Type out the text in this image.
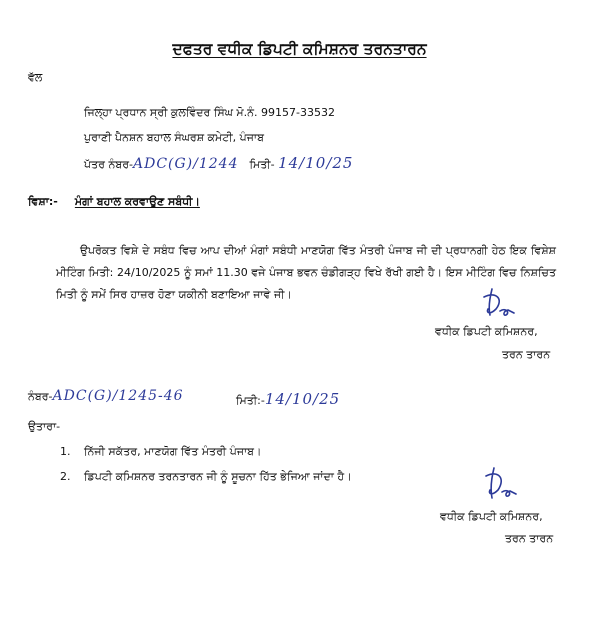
ਦਫਤਰ ਵਧੀਕ ਡਿਪਟੀ ਕਮਿਸ਼ਨਰ ਤਰਨਤਾਰਨ
ਵੱਲ
ਜਿਲ੍ਹਾ ਪ੍ਰਧਾਨ ਸ੍ਰੀ ਕੁਲਵਿੰਦਰ ਸਿੰਘ ਮੋ.ਨੰ. 99157-33532
ਪੁਰਾਣੀ ਪੈਨਸ਼ਨ ਬਹਾਲ ਸੰਘਰਸ਼ ਕਮੇਟੀ, ਪੰਜਾਬ
ਪੱਤਰ ਨੰਬਰ-ADC(G)/1244 ਮਿਤੀ- 14/10/25
ਵਿਸ਼ਾ:- ਮੰਗਾਂ ਬਹਾਲ ਕਰਵਾਉਣ ਸਬੰਧੀ।
ਉਪਰੋਕਤ ਵਿਸ਼ੇ ਦੇ ਸਬੰਧ ਵਿਚ ਆਪ ਦੀਆਂ ਮੰਗਾਂ ਸਬੰਧੀ ਮਾਣਯੋਗ ਵਿੱਤ ਮੰਤਰੀ ਪੰਜਾਬ ਜੀ ਦੀ ਪ੍ਰਧਾਨਗੀ ਹੇਠ ਇਕ ਵਿਸ਼ੇਸ਼ ਮੀਟਿੰਗ ਮਿਤੀ: 24/10/2025 ਨੂੰ ਸਮਾਂ 11.30 ਵਜੇ ਪੰਜਾਬ ਭਵਨ ਚੰਡੀਗੜ੍ਹ ਵਿਖੇ ਰੱਖੀ ਗਈ ਹੈ। ਇਸ ਮੀਟਿੰਗ ਵਿਚ ਨਿਸ਼ਚਿਤ ਮਿਤੀ ਨੂੰ ਸਮੇਂ ਸਿਰ ਹਾਜ਼ਰ ਹੋਣਾ ਯਕੀਨੀ ਬਣਾਇਆ ਜਾਵੇ ਜੀ।
ਵਧੀਕ ਡਿਪਟੀ ਕਮਿਸ਼ਨਰ,
ਤਰਨ ਤਾਰਨ
ਨੰਬਰ-ADC(G)/1245-46	ਮਿਤੀ:-14/10/25
ਉਤਾਰਾ-
1. ਨਿੱਜੀ ਸਕੱਤਰ, ਮਾਣਯੋਗ ਵਿੱਤ ਮੰਤਰੀ ਪੰਜਾਬ।
2. ਡਿਪਟੀ ਕਮਿਸ਼ਨਰ ਤਰਨਤਾਰਨ ਜੀ ਨੂੰ ਸੂਚਨਾ ਹਿੱਤ ਭੇਜਿਆ ਜਾਂਦਾ ਹੈ।
ਵਧੀਕ ਡਿਪਟੀ ਕਮਿਸ਼ਨਰ,
ਤਰਨ ਤਾਰਨ
